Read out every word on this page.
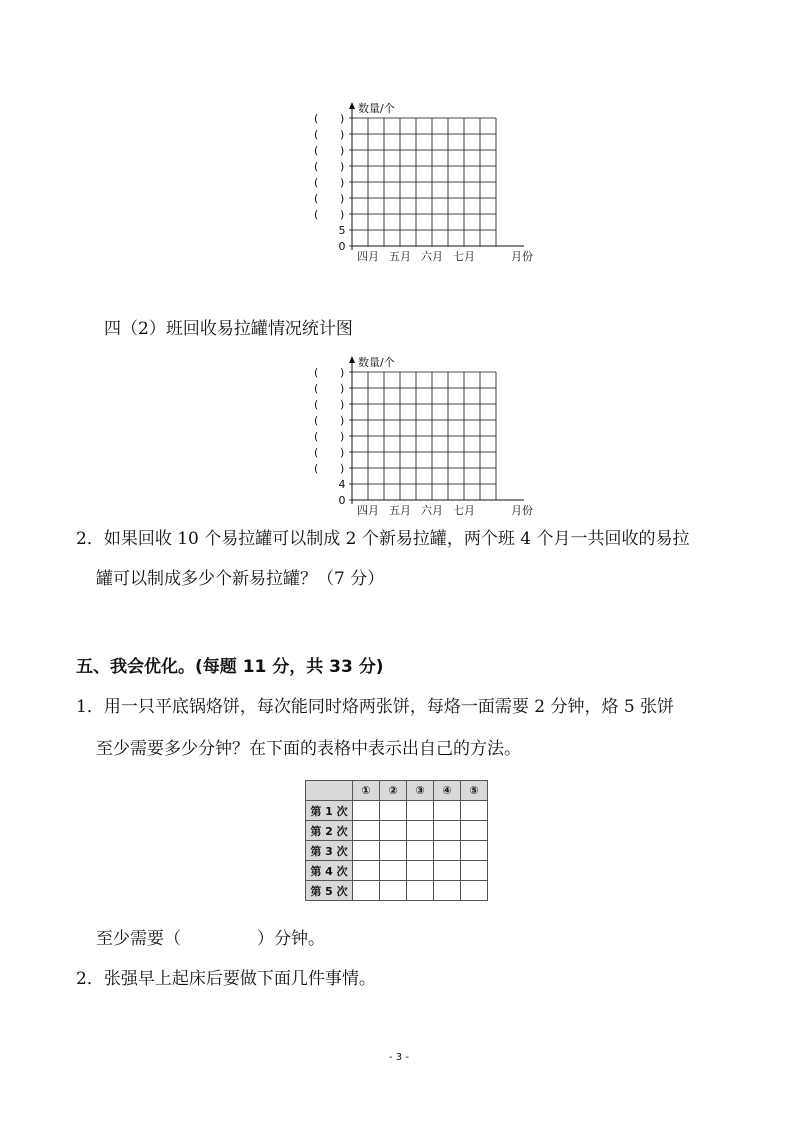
数量/个
( )
( )
( )
( )
( )
( )
( )
5
0
四月 五月 六月 七月	月份
四（2）班回收易拉罐情况统计图
数量/个
( )
( )
( )
( )
( )
( )
( )
4
0
四月 五月 六月 七月	月份
2．如果回收 10 个易拉罐可以制成 2 个新易拉罐，两个班 4 个月一共回收的易拉
罐可以制成多少个新易拉罐？（7 分）
五、我会优化。(每题 11 分，共 33 分)
1．用一只平底锅烙饼，每次能同时烙两张饼，每烙一面需要 2 分钟，烙 5 张饼
至少需要多少分钟？在下面的表格中表示出自己的方法。
	①	②	③	④	⑤
第 1 次					
第 2 次					
第 3 次					
第 4 次					
第 5 次					
至少需要（	）分钟。
2．张强早上起床后要做下面几件事情。
- 3 -
